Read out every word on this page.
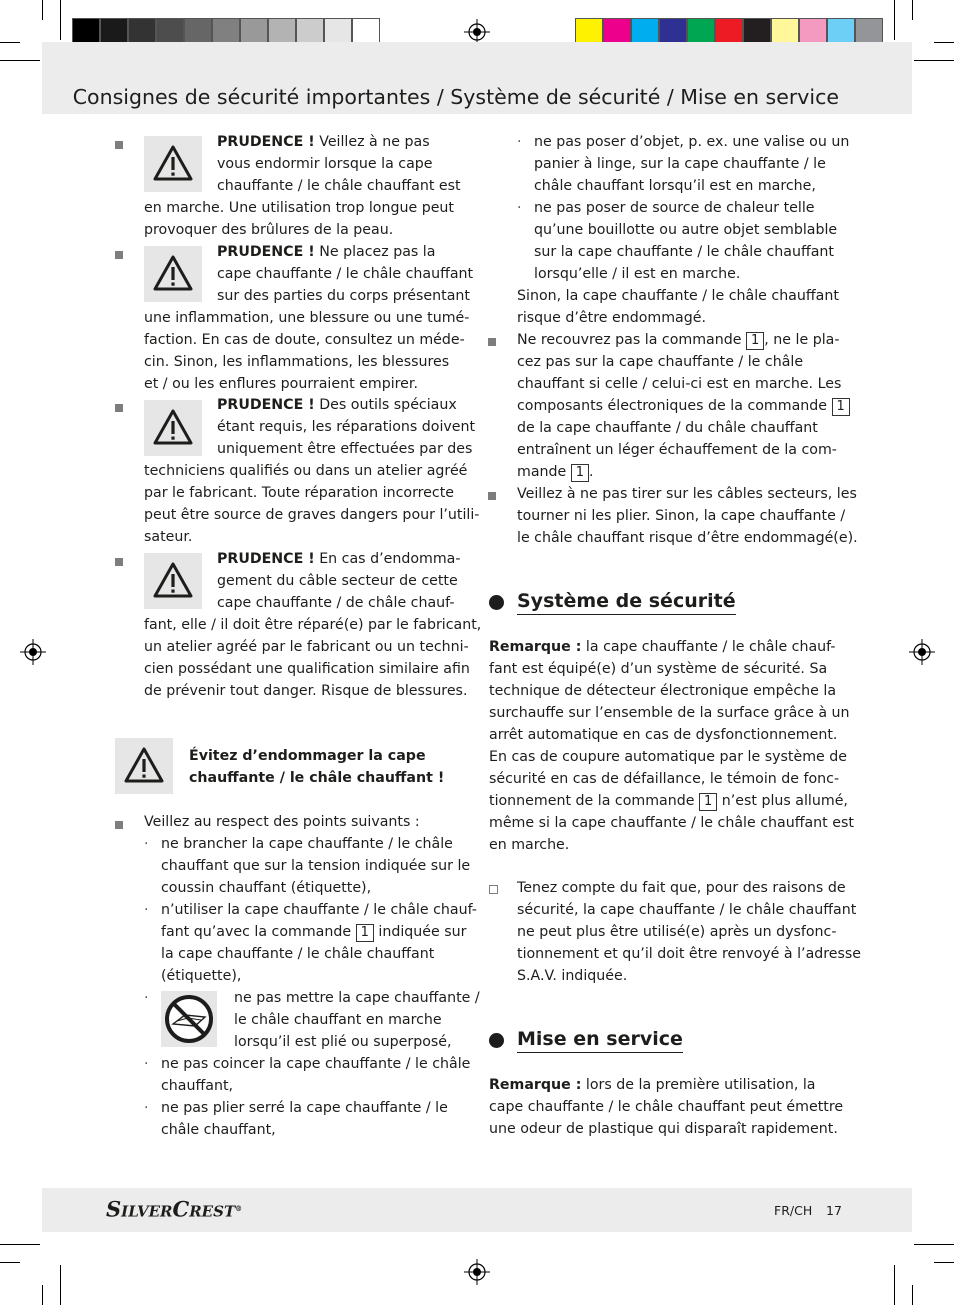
Consignes de sécurité importantes / Système de sécurité / Mise en service
PRUDENCE ! Veillez à ne pas
vous endormir lorsque la cape
chauffante / le châle chauffant est
en marche. Une utilisation trop longue peut
provoquer des brûlures de la peau.
PRUDENCE ! Ne placez pas la
cape chauffante / le châle chauffant
sur des parties du corps présentant
une inflammation, une blessure ou une tumé-
faction. En cas de doute, consultez un méde-
cin. Sinon, les inflammations, les blessures
et / ou les enflures pourraient empirer.
PRUDENCE ! Des outils spéciaux
étant requis, les réparations doivent
uniquement être effectuées par des
techniciens qualifiés ou dans un atelier agréé
par le fabricant. Toute réparation incorrecte
peut être source de graves dangers pour l’utili-
sateur.
PRUDENCE ! En cas d’endomma-
gement du câble secteur de cette
cape chauffante / de châle chauf-
fant, elle / il doit être réparé(e) par le fabricant,
un atelier agréé par le fabricant ou un techni-
cien possédant une qualification similaire afin
de prévenir tout danger. Risque de blessures.
Évitez d’endommager la cape
chauffante / le châle chauffant !
Veillez au respect des points suivants :
· ne brancher la cape chauffante / le châle
chauffant que sur la tension indiquée sur le
coussin chauffant (étiquette),
· n’utiliser la cape chauffante / le châle chauf-
fant qu’avec la commande 1 indiquée sur
la cape chauffante / le châle chauffant
(étiquette),
·	ne pas mettre la cape chauffante /
le châle chauffant en marche
lorsqu’il est plié ou superposé,
· ne pas coincer la cape chauffante / le châle
chauffant,
· ne pas plier serré la cape chauffante / le
châle chauffant,
· ne pas poser d’objet, p. ex. une valise ou un
panier à linge, sur la cape chauffante / le
châle chauffant lorsqu’il est en marche,
· ne pas poser de source de chaleur telle
qu’une bouillotte ou autre objet semblable
sur la cape chauffante / le châle chauffant
lorsqu’elle / il est en marche.
Sinon, la cape chauffante / le châle chauffant
risque d’être endommagé.
Ne recouvrez pas la commande 1 , ne le pla-
cez pas sur la cape chauffante / le châle
chauffant si celle / celui-ci est en marche. Les
composants électroniques de la commande 1
de la cape chauffante / du châle chauffant
entraînent un léger échauffement de la com-
mande 1 .
Veillez à ne pas tirer sur les câbles secteurs, les
tourner ni les plier. Sinon, la cape chauffante /
le châle chauffant risque d’être endommagé(e).
Système de sécurité
Remarque : la cape chauffante / le châle chauf-
fant est équipé(e) d’un système de sécurité. Sa
technique de détecteur électronique empêche la
surchauffe sur l’ensemble de la surface grâce à un
arrêt automatique en cas de dysfonctionnement.
En cas de coupure automatique par le système de
sécurité en cas de défaillance, le témoin de fonc-
tionnement de la commande 1 n’est plus allumé,
même si la cape chauffante / le châle chauffant est
en marche.
Tenez compte du fait que, pour des raisons de
sécurité, la cape chauffante / le châle chauffant
ne peut plus être utilisé(e) après un dysfonc-
tionnement et qu’il doit être renvoyé à l’adresse
S.A.V. indiquée.
Mise en service
Remarque : lors de la première utilisation, la
cape chauffante / le châle chauffant peut émettre
une odeur de plastique qui disparaît rapidement.
SILVERCREST®	FR/CH 17
